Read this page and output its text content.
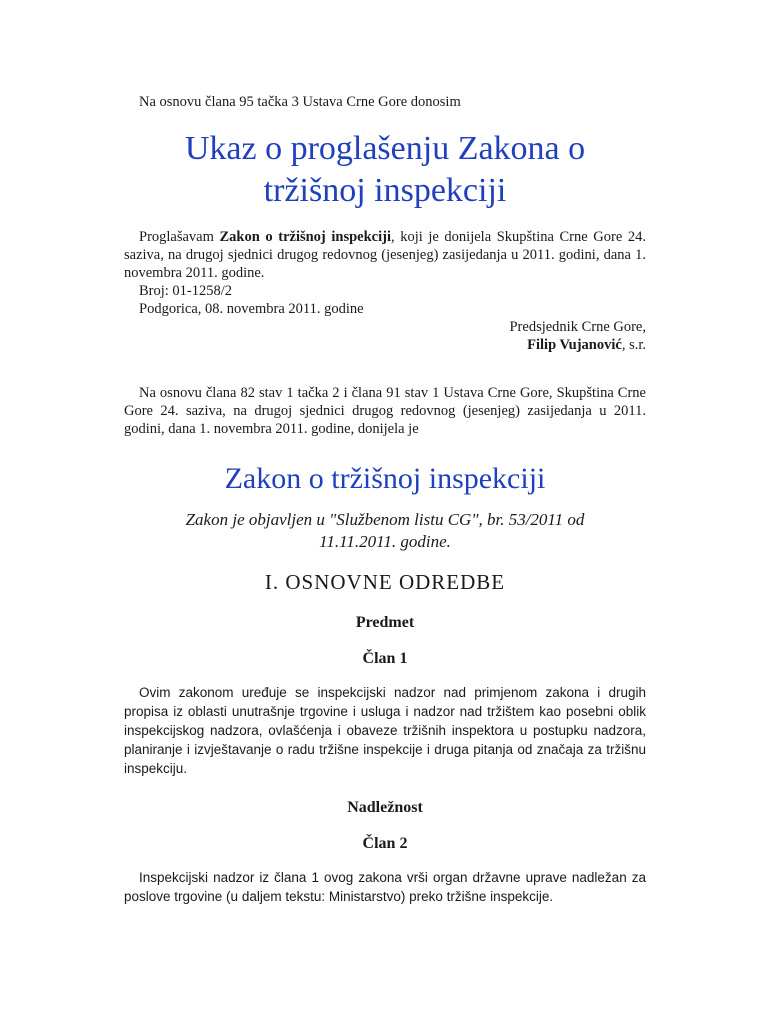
Na osnovu člana 95 tačka 3 Ustava Crne Gore donosim

Ukaz o proglašenju Zakona o tržišnoj inspekciji

Proglašavam Zakon o tržišnoj inspekciji, koji je donijela Skupština Crne Gore 24. saziva, na drugoj sjednici drugog redovnog (jesenjeg) zasijedanja u 2011. godini, dana 1. novembra 2011. godine.

Broj: 01-1258/2

Podgorica, 08. novembra 2011. godine

Predsjednik Crne Gore,

Filip Vujanović, s.r.

Na osnovu člana 82 stav 1 tačka 2 i člana 91 stav 1 Ustava Crne Gore, Skupština Crne Gore 24. saziva, na drugoj sjednici drugog redovnog (jesenjeg) zasijedanja u 2011. godini, dana 1. novembra 2011. godine, donijela je

Zakon o tržišnoj inspekciji

Zakon je objavljen u "Službenom listu CG", br. 53/2011 od 11.11.2011. godine.

I. OSNOVNE ODREDBE

Predmet

Član 1

Ovim zakonom uređuje se inspekcijski nadzor nad primjenom zakona i drugih propisa iz oblasti unutrašnje trgovine i usluga i nadzor nad tržištem kao posebni oblik inspekcijskog nadzora, ovlašćenja i obaveze tržišnih inspektora u postupku nadzora, planiranje i izvještavanje o radu tržišne inspekcije i druga pitanja od značaja za tržišnu inspekciju.

Nadležnost

Član 2

Inspekcijski nadzor iz člana 1 ovog zakona vrši organ državne uprave nadležan za poslove trgovine (u daljem tekstu: Ministarstvo) preko tržišne inspekcije.
